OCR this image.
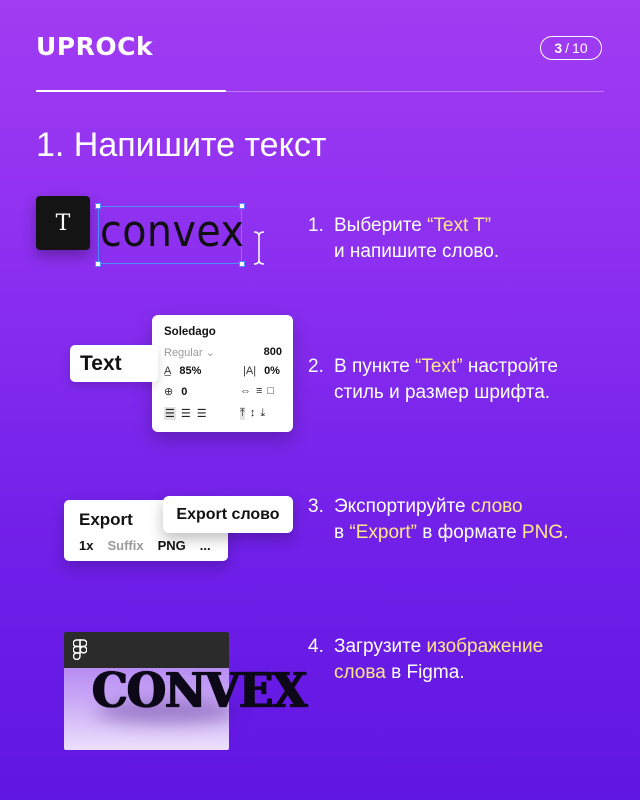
UPROCk	3 / 10
1. Напишите текст
T convex	1. Выберите “Text T”
и напишите слово.
Soledago
Regular ⌄	800
A̲ 85%	|A| 0%
⊕ 0	⇔ ≡ □
☰ ☰ ☰	⤒ ↕ ⤓
Text	2. В пункте “Text” настройте
стиль и размер шрифта.
Export
1x Suffix PNG ...
Export слово	3. Экспортируйте слово
в “Export” в формате PNG.
CONVEX
4. Загрузите изображение
слова в Figma.
